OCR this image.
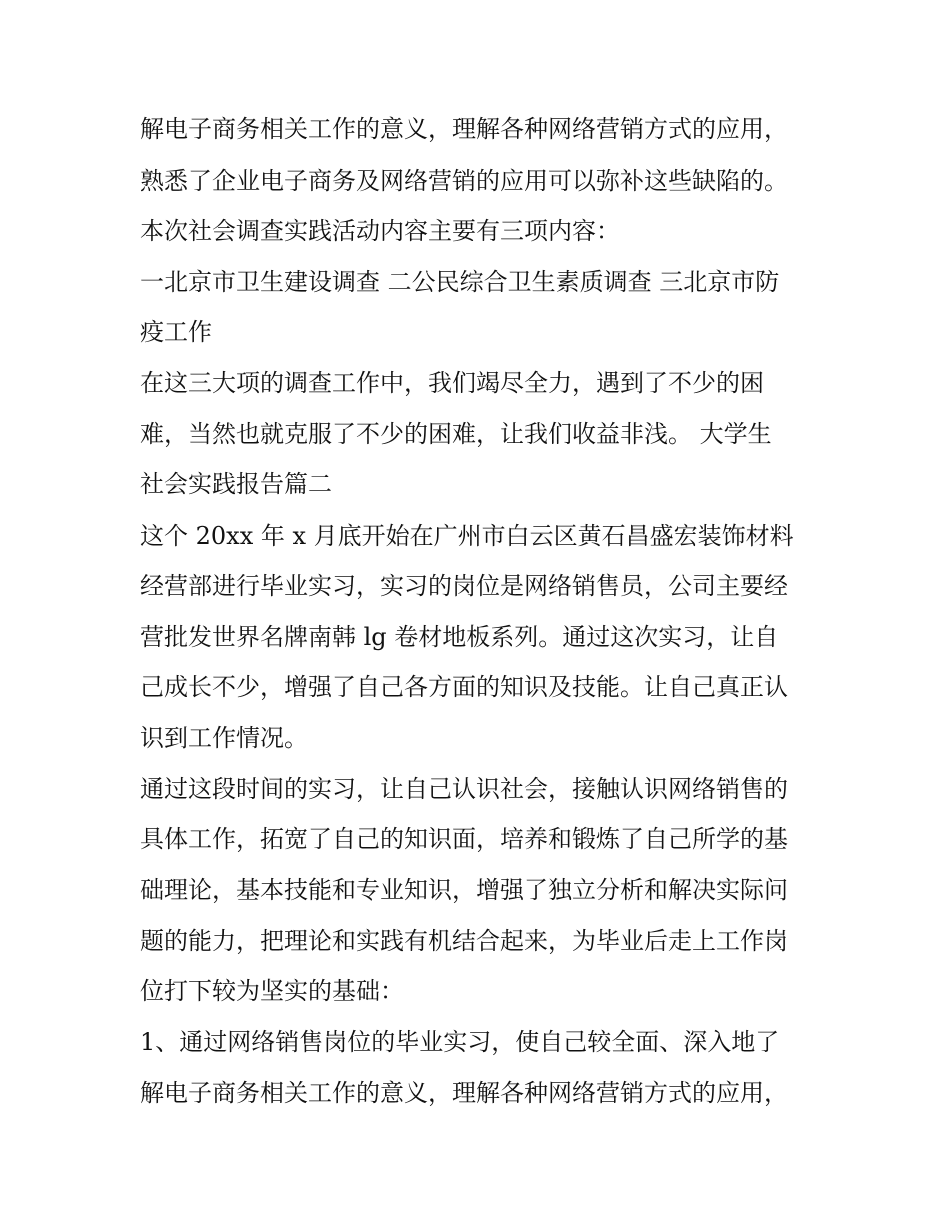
解电子商务相关工作的意义，理解各种网络营销方式的应用，
熟悉了企业电子商务及网络营销的应用可以弥补这些缺陷的。
本次社会调查实践活动内容主要有三项内容：
一北京市卫生建设调查 二公民综合卫生素质调查 三北京市防
疫工作
在这三大项的调查工作中，我们竭尽全力，遇到了不少的困
难，当然也就克服了不少的困难，让我们收益非浅。 大学生
社会实践报告篇二
这个 20xx 年 x 月底开始在广州市白云区黄石昌盛宏装饰材料
经营部进行毕业实习，实习的岗位是网络销售员，公司主要经
营批发世界名牌南韩 lg 卷材地板系列。通过这次实习，让自
己成长不少，增强了自己各方面的知识及技能。让自己真正认
识到工作情况。
通过这段时间的实习，让自己认识社会，接触认识网络销售的
具体工作，拓宽了自己的知识面，培养和锻炼了自己所学的基
础理论，基本技能和专业知识，增强了独立分析和解决实际问
题的能力，把理论和实践有机结合起来，为毕业后走上工作岗
位打下较为坚实的基础：
1、通过网络销售岗位的毕业实习，使自己较全面、深入地了
解电子商务相关工作的意义，理解各种网络营销方式的应用，
